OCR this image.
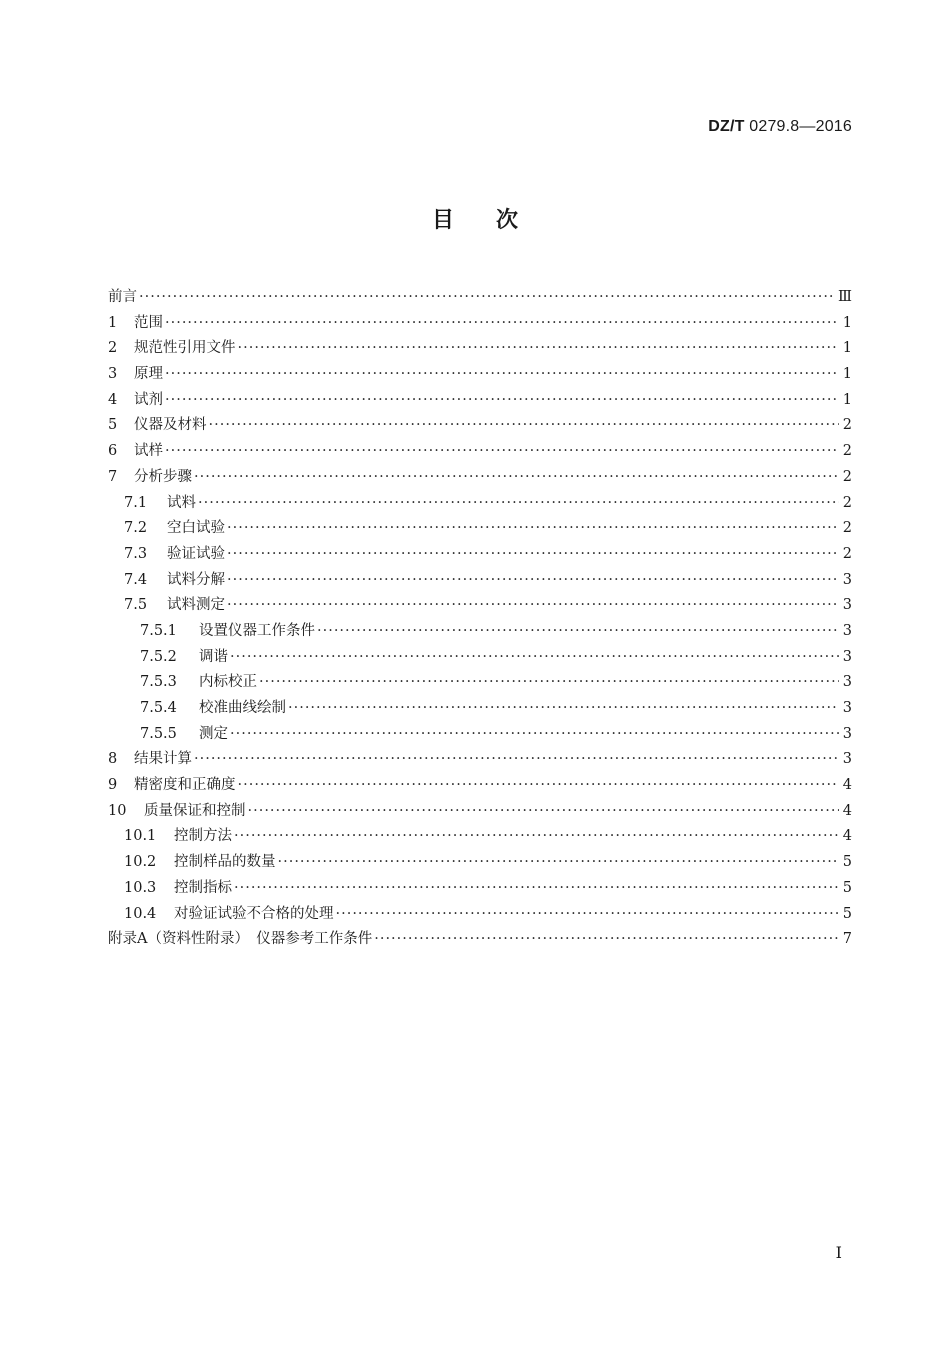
DZ/T 0279.8—2016
目次
前言 ·····	Ⅲ
1	范围 ·····	1
2	规范性引用文件 ·····	1
3	原理 ·····	1
4	试剂 ·····	1
5	仪器及材料 ·····	2
6	试样 ·····	2
7	分析步骤 ·····	2
7.1	试料 ·····	2
7.2	空白试验 ·····	2
7.3	验证试验 ·····	2
7.4	试料分解 ·····	3
7.5	试料测定 ·····	3
7.5.1	设置仪器工作条件 ·····	3
7.5.2	调谐 ·····	3
7.5.3	内标校正 ·····	3
7.5.4	校准曲线绘制 ·····	3
7.5.5	测定 ·····	3
8	结果计算 ·····	3
9	精密度和正确度 ·····	4
10	质量保证和控制 ·····	4
10.1	控制方法 ·····	4
10.2	控制样品的数量 ·····	5
10.3	控制指标 ·····	5
10.4	对验证试验不合格的处理 ·····	5
附录A（资料性附录）　仪器参考工作条件 ·····	7
I
